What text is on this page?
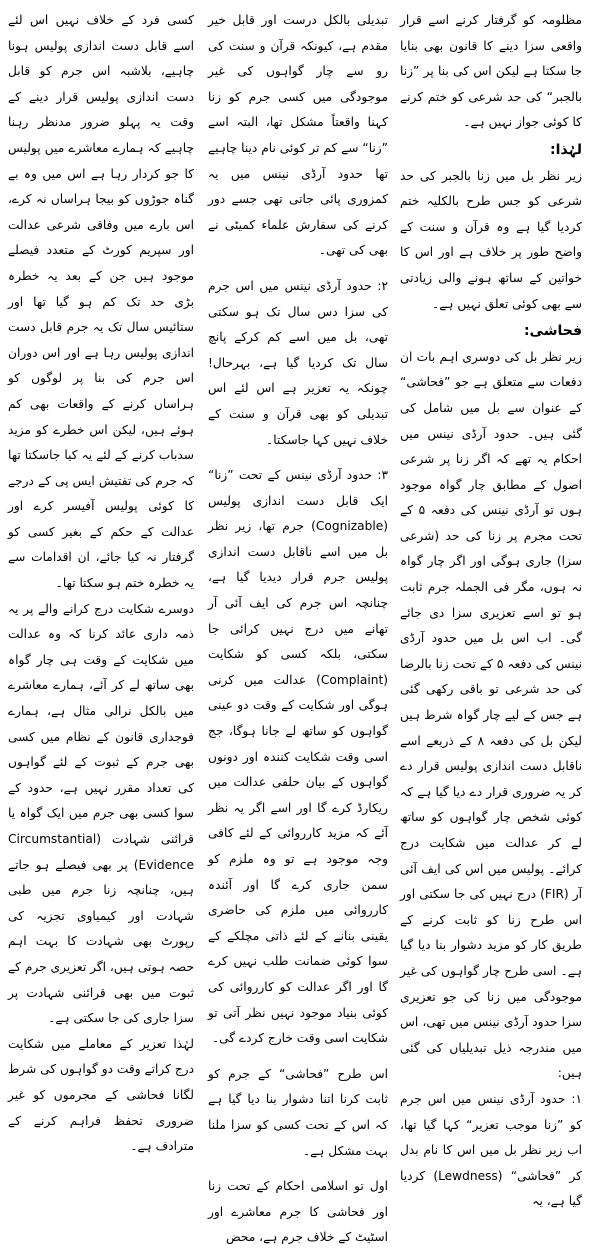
مظلومہ کو گرفتار کرنے اسے قرار واقعی سزا دینے کا قانون بھی بنایا جا سکتا ہے لیکن اس کی بنا پر ”زنا بالجبر“ کی حد شرعی کو ختم کرنے کا کوئی جواز نہیں ہے۔

لہٰذا:

زیر نظر بل میں زنا بالجبر کی حد شرعی کو جس طرح بالکلیہ ختم کردیا گیا ہے وہ قرآن و سنت کے واضح طور پر خلاف ہے اور اس کا خواتین کے ساتھ ہونے والی زیادتی سے بھی کوئی تعلق نہیں ہے۔

فحاشی:

زیر نظر بل کی دوسری اہم بات ان دفعات سے متعلق ہے جو ”فحاشی“ کے عنوان سے بل میں شامل کی گئی ہیں۔ حدود آرڈی نینس میں احکام یہ تھے کہ اگر زنا پر شرعی اصول کے مطابق چار گواہ موجود ہوں تو آرڈی نینس کی دفعہ ۵ کے تحت مجرم پر زنا کی حد (شرعی سزا) جاری ہوگی اور اگر چار گواہ نہ ہوں، مگر فی الجملہ جرم ثابت ہو تو اسے تعزیری سزا دی جائے گی۔ اب اس بل میں حدود آرڈی نینس کی دفعہ ۵ کے تحت زنا بالرضا کی حد شرعی تو باقی رکھی گئی ہے جس کے لیے چار گواہ شرط ہیں لیکن بل کی دفعہ ۸ کے ذریعے اسے ناقابل دست اندازی پولیس قرار دے کر یہ ضروری قرار دے دیا گیا ہے کہ کوئی شخص چار گواہوں کو ساتھ لے کر عدالت میں شکایت درج کرائے۔ پولیس میں اس کی ایف آئی آر (FIR) درج نہیں کی جا سکتی اور اس طرح زنا کو ثابت کرنے کے طریق کار کو مزید دشوار بنا دیا گیا ہے۔ اسی طرح چار گواہوں کی غیر موجودگی میں زنا کی جو تعزیری سزا حدود آرڈی نینس میں تھی، اس میں مندرجہ ذیل تبدیلیاں کی گئی ہیں:

۱: حدود آرڈی نینس میں اس جرم کو ”زنا موجب تعزیر“ کہا گیا تھا، اب زیر نظر بل میں اس کا نام بدل کر ”فحاشی“ (Lewdness) کردیا گیا ہے، یہ

تبدیلی بالکل درست اور قابل خیر مقدم ہے، کیونکہ قرآن و سنت کی رو سے چار گواہوں کی غیر موجودگی میں کسی جرم کو زنا کہنا واقعتاً مشکل تھا، البتہ اسے ”زنا“ سے کم تر کوئی نام دینا چاہیے تھا حدود آرڈی نینس میں یہ کمزوری پائی جاتی تھی جسے دور کرنے کی سفارش علماء کمیٹی نے بھی کی تھی۔

۲: حدود آرڈی نینس میں اس جرم کی سزا دس سال تک ہو سکتی تھی، بل میں اسے کم کرکے پانچ سال تک کردیا گیا ہے، بہرحال! چونکہ یہ تعزیر ہے اس لئے اس تبدیلی کو بھی قرآن و سنت کے خلاف نہیں کہا جاسکتا۔

۳: حدود آرڈی نینس کے تحت ”زنا“ ایک قابل دست اندازی پولیس (Cognizable) جرم تھا، زیر نظر بل میں اسے ناقابل دست اندازی پولیس جرم قرار دیدیا گیا ہے، چنانچہ اس جرم کی ایف آئی آر تھانے میں درج نہیں کرائی جا سکتی، بلکہ کسی کو شکایت (Complaint) عدالت میں کرنی ہوگی اور شکایت کے وقت دو عینی گواہوں کو ساتھ لے جانا ہوگا، جج اسی وقت شکایت کنندہ اور دونوں گواہوں کے بیان حلفی عدالت میں ریکارڈ کرے گا اور اسے اگر یہ نظر آئے کہ مزید کارروائی کے لئے کافی وجہ موجود ہے تو وہ ملزم کو سمن جاری کرے گا اور آئندہ کارروائی میں ملزم کی حاضری یقینی بنانے کے لئے ذاتی مچلکے کے سوا کوئی ضمانت طلب نہیں کرے گا اور اگر عدالت کو کارروائی کی کوئی بنیاد موجود نہیں نظر آتی تو شکایت اسی وقت خارج کردے گی۔

اس طرح ”فحاشی“ کے جرم کو ثابت کرنا اتنا دشوار بنا دیا گیا ہے کہ اس کے تحت کسی کو سزا ملنا بہت مشکل ہے۔

اول تو اسلامی احکام کے تحت زنا اور فحاشی کا جرم معاشرے اور اسٹیٹ کے خلاف جرم ہے، محض

کسی فرد کے خلاف نہیں اس لئے اسے قابل دست اندازی پولیس ہونا چاہیے، بلاشبہ اس جرم کو قابل دست اندازی پولیس قرار دینے کے وقت یہ پہلو ضرور مدنظر رہنا چاہیے کہ ہمارے معاشرے میں پولیس کا جو کردار رہا ہے اس میں وہ بے گناہ جوڑوں کو بیجا ہراساں نہ کرے، اس بارے میں وفاقی شرعی عدالت اور سپریم کورٹ کے متعدد فیصلے موجود ہیں جن کے بعد یہ خطرہ بڑی حد تک کم ہو گیا تھا اور ستائیس سال تک یہ جرم قابل دست اندازی پولیس رہا ہے اور اس دوران اس جرم کی بنا پر لوگوں کو ہراساں کرنے کے واقعات بھی کم ہوئے ہیں، لیکن اس خطرے کو مزید سدباب کرنے کے لئے یہ کیا جاسکتا تھا کہ جرم کی تفتیش ایس پی کے درجے کا کوئی پولیس آفیسر کرے اور عدالت کے حکم کے بغیر کسی کو گرفتار نہ کیا جائے، ان اقدامات سے یہ خطرہ ختم ہو سکتا تھا۔

دوسرے شکایت درج کرانے والے پر یہ ذمہ داری عائد کرنا کہ وہ عدالت میں شکایت کے وقت ہی چار گواہ بھی ساتھ لے کر آئے، ہمارے معاشرے میں بالکل نرالی مثال ہے، ہمارے فوجداری قانون کے نظام میں کسی بھی جرم کے ثبوت کے لئے گواہوں کی تعداد مقرر نہیں ہے، حدود کے سوا کسی بھی جرم میں ایک گواہ یا قرائنی شہادت (Circumstantial Evidence) پر بھی فیصلے ہو جاتے ہیں، چنانچہ زنا جرم میں طبی شہادت اور کیمیاوی تجزیہ کی رپورٹ بھی شہادت کا بہت اہم حصہ ہوتی ہیں، اگر تعزیری جرم کے ثبوت میں بھی قرائنی شہادت پر سزا جاری کی جا سکتی ہے۔

لہٰذا تعزیر کے معاملے میں شکایت درج کراتے وقت دو گواہوں کی شرط لگانا فحاشی کے مجرموں کو غیر ضروری تحفظ فراہم کرنے کے مترادف ہے۔
